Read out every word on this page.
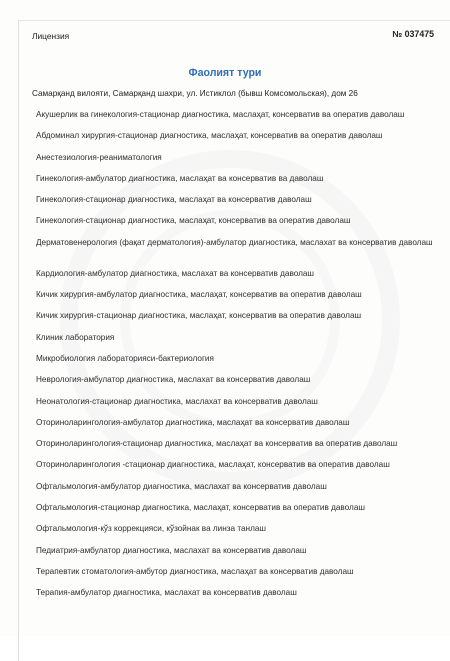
Лицензия	№ 037475
Фаолият тури
Самарқанд вилояти, Самарқанд шахри, ул. Истиклол (бывш Комсомольская), дом 26
Акушерлик ва гинекология-стационар диагностика, маслаҳат, консерватив ва оператив даволаш
Абдоминал хирургия-стационар диагностика, маслаҳат, консерватив ва оператив даволаш
Анестезиология-реаниматология
Гинекология-амбулатор диагностика, маслаҳат ва консерватив ва даволаш
Гинекология-стационар диагностика, маслаҳат ва консерватив даволаш
Гинекология-стационар диагностика, маслаҳат, консерватив ва оператив даволаш
Дерматовенерология (фақат дерматология)-амбулатор диагностика, маслахат ва консерватив даволаш
Кардиология-амбулатор диагностика, маслахат ва консерватив даволаш
Кичик хирургия-амбулатор диагностика, маслаҳат, консерватив ва оператив даволаш
Кичик хирургия-стационар диагностика, маслаҳат, консерватив ва оператив даволаш
Клиник лаборатория
Микробиология лабораторияси-бактериология
Неврология-амбулатор диагностика, маслахат ва консерватив даволаш
Неонатология-стационар диагностика, маслахат ва консерватив даволаш
Оториноларингология-амбулатор диагностика, маслаҳат ва консерватив даволаш
Оториноларингология-стационар диагностика, маслаҳат ва консерватив ва оператив даволаш
Оториноларингология -стационар диагностика, маслаҳат, консерватив ва оператив даволаш
Офтальмология-амбулатор диагностика, маслахат ва консерватив даволаш
Офтальмология-стационар диагностика, маслаҳат, консерватив ва оператив даволаш
Офтальмология-кўз коррекцияси, кўзойнак ва линза танлаш
Педиатрия-амбулатор диагностика, маслахат ва консерватив даволаш
Терапевтик стоматология-амбутор диагностика, маслаҳат ва консерватив даволаш
Терапия-амбулатор диагностика, маслахат ва консерватив даволаш
